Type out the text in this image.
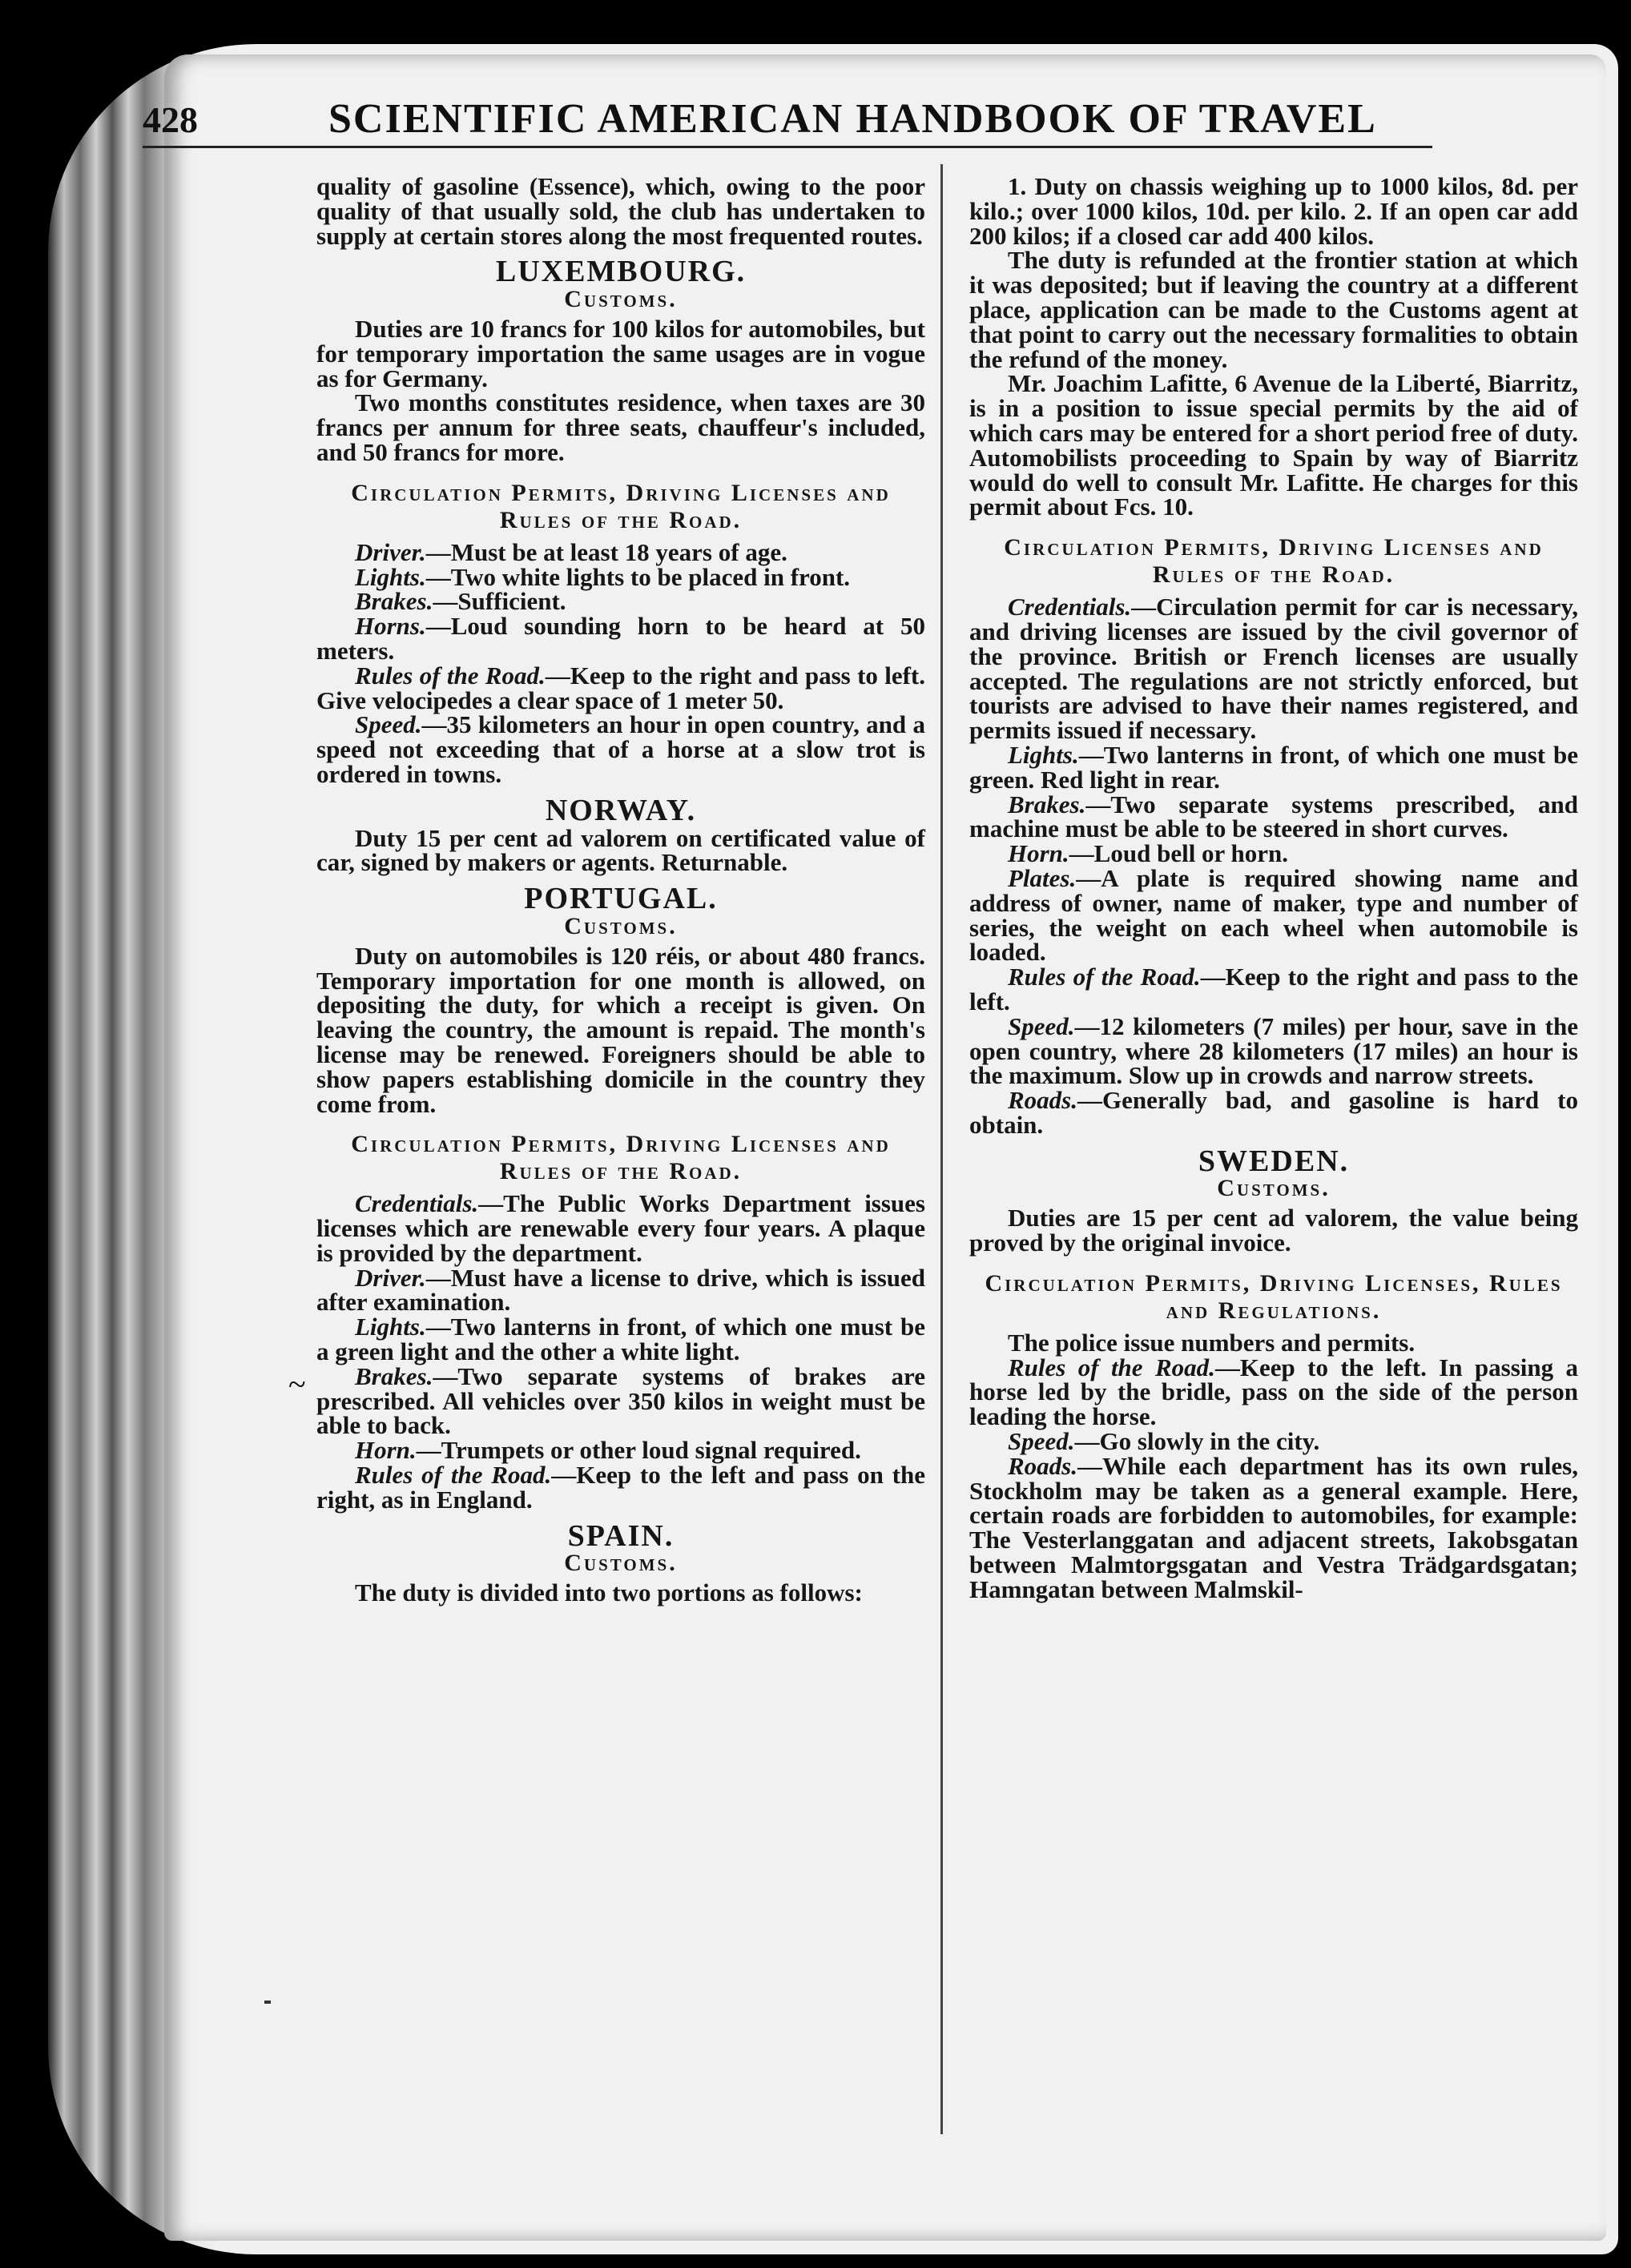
428	SCIENTIFIC AMERICAN HANDBOOK OF TRAVEL

quality of gasoline (Essence), which, owing to the poor quality of that usually sold, the club has undertaken to supply at certain stores along the most frequented routes.

LUXEMBOURG.
Customs.

Duties are 10 francs for 100 kilos for automobiles, but for temporary importation the same usages are in vogue as for Germany.

Two months constitutes residence, when taxes are 30 francs per annum for three seats, chauffeur's included, and 50 francs for more.

Circulation Permits, Driving Licenses and Rules of the Road.

Driver.—Must be at least 18 years of age.

Lights.—Two white lights to be placed in front.

Brakes.—Sufficient.

Horns.—Loud sounding horn to be heard at 50 meters.

Rules of the Road.—Keep to the right and pass to left. Give velocipedes a clear space of 1 meter 50.

Speed.—35 kilometers an hour in open country, and a speed not exceeding that of a horse at a slow trot is ordered in towns.

NORWAY.

Duty 15 per cent ad valorem on certificated value of car, signed by makers or agents. Returnable.

PORTUGAL.
Customs.

Duty on automobiles is 120 réis, or about 480 francs. Temporary importation for one month is allowed, on depositing the duty, for which a receipt is given. On leaving the country, the amount is repaid. The month's license may be renewed. Foreigners should be able to show papers establishing domicile in the country they come from.

Circulation Permits, Driving Licenses and Rules of the Road.

Credentials.—The Public Works Department issues licenses which are renewable every four years. A plaque is provided by the department.

Driver.—Must have a license to drive, which is issued after examination.

Lights.—Two lanterns in front, of which one must be a green light and the other a white light.

Brakes.—Two separate systems of brakes are prescribed. All vehicles over 350 kilos in weight must be able to back.

Horn.—Trumpets or other loud signal required.

Rules of the Road.—Keep to the left and pass on the right, as in England.

SPAIN.
Customs.

The duty is divided into two portions as follows:

1. Duty on chassis weighing up to 1000 kilos, 8d. per kilo.; over 1000 kilos, 10d. per kilo. 2. If an open car add 200 kilos; if a closed car add 400 kilos.

The duty is refunded at the frontier station at which it was deposited; but if leaving the country at a different place, application can be made to the Customs agent at that point to carry out the necessary formalities to obtain the refund of the money.

Mr. Joachim Lafitte, 6 Avenue de la Liberté, Biarritz, is in a position to issue special permits by the aid of which cars may be entered for a short period free of duty. Automobilists proceeding to Spain by way of Biarritz would do well to consult Mr. Lafitte. He charges for this permit about Fcs. 10.

Circulation Permits, Driving Licenses and Rules of the Road.

Credentials.—Circulation permit for car is necessary, and driving licenses are issued by the civil governor of the province. British or French licenses are usually accepted. The regulations are not strictly enforced, but tourists are advised to have their names registered, and permits issued if necessary.

Lights.—Two lanterns in front, of which one must be green. Red light in rear.

Brakes.—Two separate systems prescribed, and machine must be able to be steered in short curves.

Horn.—Loud bell or horn.

Plates.—A plate is required showing name and address of owner, name of maker, type and number of series, the weight on each wheel when automobile is loaded.

Rules of the Road.—Keep to the right and pass to the left.

Speed.—12 kilometers (7 miles) per hour, save in the open country, where 28 kilometers (17 miles) an hour is the maximum. Slow up in crowds and narrow streets.

Roads.—Generally bad, and gasoline is hard to obtain.

SWEDEN.
Customs.

Duties are 15 per cent ad valorem, the value being proved by the original invoice.

Circulation Permits, Driving Licenses, Rules and Regulations.

The police issue numbers and permits.

Rules of the Road.—Keep to the left. In passing a horse led by the bridle, pass on the side of the person leading the horse.

Speed.—Go slowly in the city.

Roads.—While each department has its own rules, Stockholm may be taken as a general example. Here, certain roads are forbidden to automobiles, for example: The Vesterlanggatan and adjacent streets, Iakobsgatan between Malmtorgsgatan and Vestra Trädgardsgatan; Hamngatan between Malmskil-

~
